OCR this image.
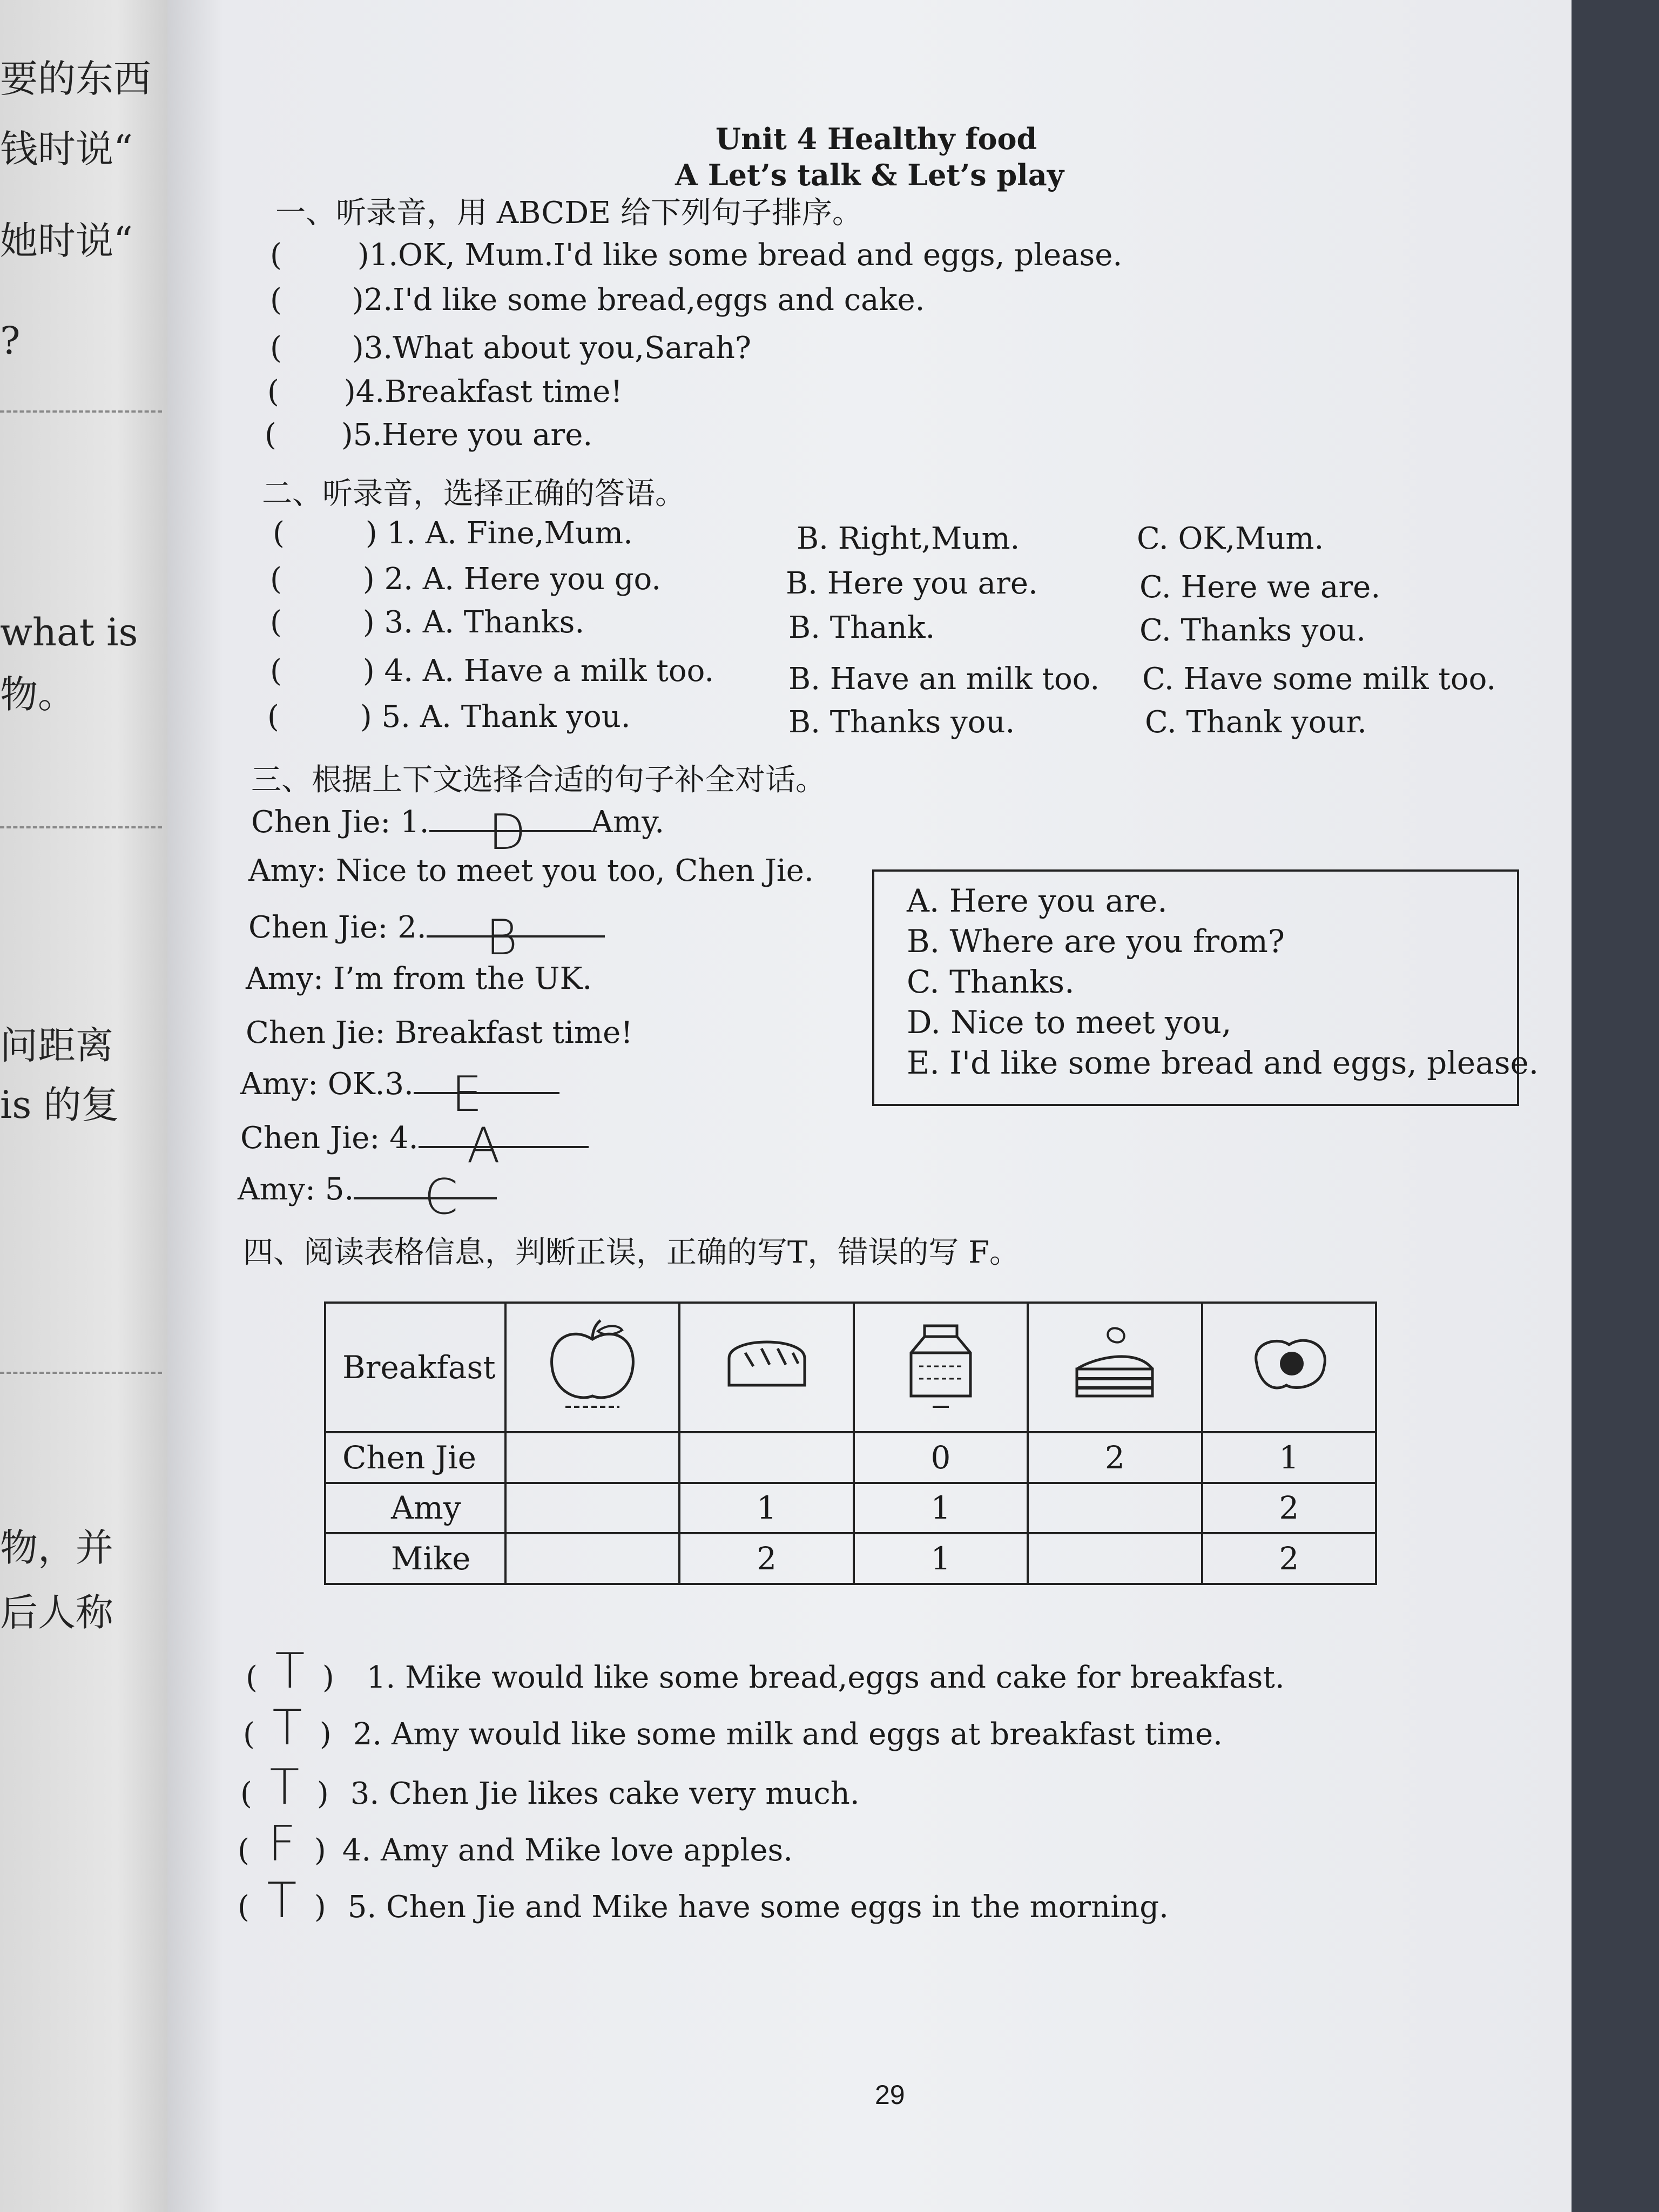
要的东西
钱时说“
她时说“
?
what is
物。
问距离
is 的复
物，并
后人称
Unit 4 Healthy food
A Let’s talk & Let’s play
一、听录音，用 ABCDE 给下列句子排序。
(	)1.OK, Mum.I'd like some bread and eggs, please.
( )2.I'd like some bread,eggs and cake.
( )3.What about you,Sarah?
( )4.Breakfast time!
( )5.Here you are.
二、听录音，选择正确的答语。
(	) 1. A. Fine,Mum.	B. Right,Mum.	C. OK,Mum.
(	) 2. A. Here you go.	B. Here you are.	C. Here we are.
(	) 3. A. Thanks.	B. Thank.	C. Thanks you.
(	) 4. A. Have a milk too. B. Have an milk too. C. Have some milk too.
(	) 5. A. Thank you.	B. Thanks you.	C. Thank your.
三、根据上下文选择合适的句子补全对话。
Chen Jie: 1. D Amy.
Amy: Nice to meet you too, Chen Jie.
Chen Jie: 2. B
Amy: I’m from the UK.
Chen Jie: Breakfast time!
Amy: OK.3. E
Chen Jie: 4. A
Amy: 5. C
A. Here you are.
B. Where are you from?
C. Thanks.
D. Nice to meet you,
E. I'd like some bread and eggs, please.
四、阅读表格信息，判断正误，正确的写T，错误的写 F。
Breakfast					
Chen Jie			0	2	1
Amy		1	1		2
Mike		2	1		2
( T ) 1. Mike would like some bread,eggs and cake for breakfast.
( T ) 2. Amy would like some milk and eggs at breakfast time.
( T ) 3. Chen Jie likes cake very much.
( F ) 4. Amy and Mike love apples.
( T ) 5. Chen Jie and Mike have some eggs in the morning.
29
